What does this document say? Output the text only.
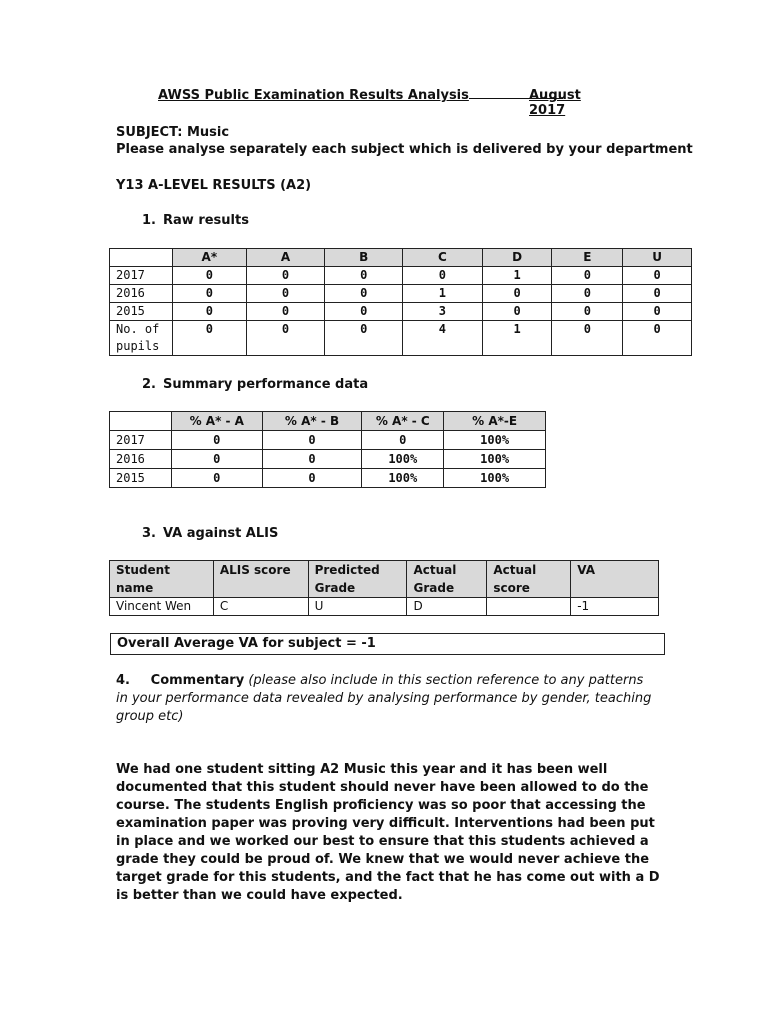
AWSS Public Examination Results Analysis	August 2017
SUBJECT: Music
Please analyse separately each subject which is delivered by your department
Y13 A-LEVEL RESULTS (A2)
1. Raw results
	A*	A	B	C	D	E	U
2017	0	0	0	0	1	0	0
2016	0	0	0	1	0	0	0
2015	0	0	0	3	0	0	0
No. of pupils	0	0	0	4	1	0	0
2. Summary performance data
	% A* - A	% A* - B	% A* - C	% A*-E
2017	0	0	0	100%
2016	0	0	100%	100%
2015	0	0	100%	100%
3. VA against ALIS
Student name	ALIS score	Predicted Grade	Actual Grade	Actual score	VA
Vincent Wen	C	U	D		-1
Overall Average VA for subject = -1
4. Commentary (please also include in this section reference to any patterns in your performance data revealed by analysing performance by gender, teaching group etc)
We had one student sitting A2 Music this year and it has been well documented that this student should never have been allowed to do the course. The students English proficiency was so poor that accessing the examination paper was proving very difficult. Interventions had been put in place and we worked our best to ensure that this students achieved a grade they could be proud of. We knew that we would never achieve the target grade for this students, and the fact that he has come out with a D is better than we could have expected.
